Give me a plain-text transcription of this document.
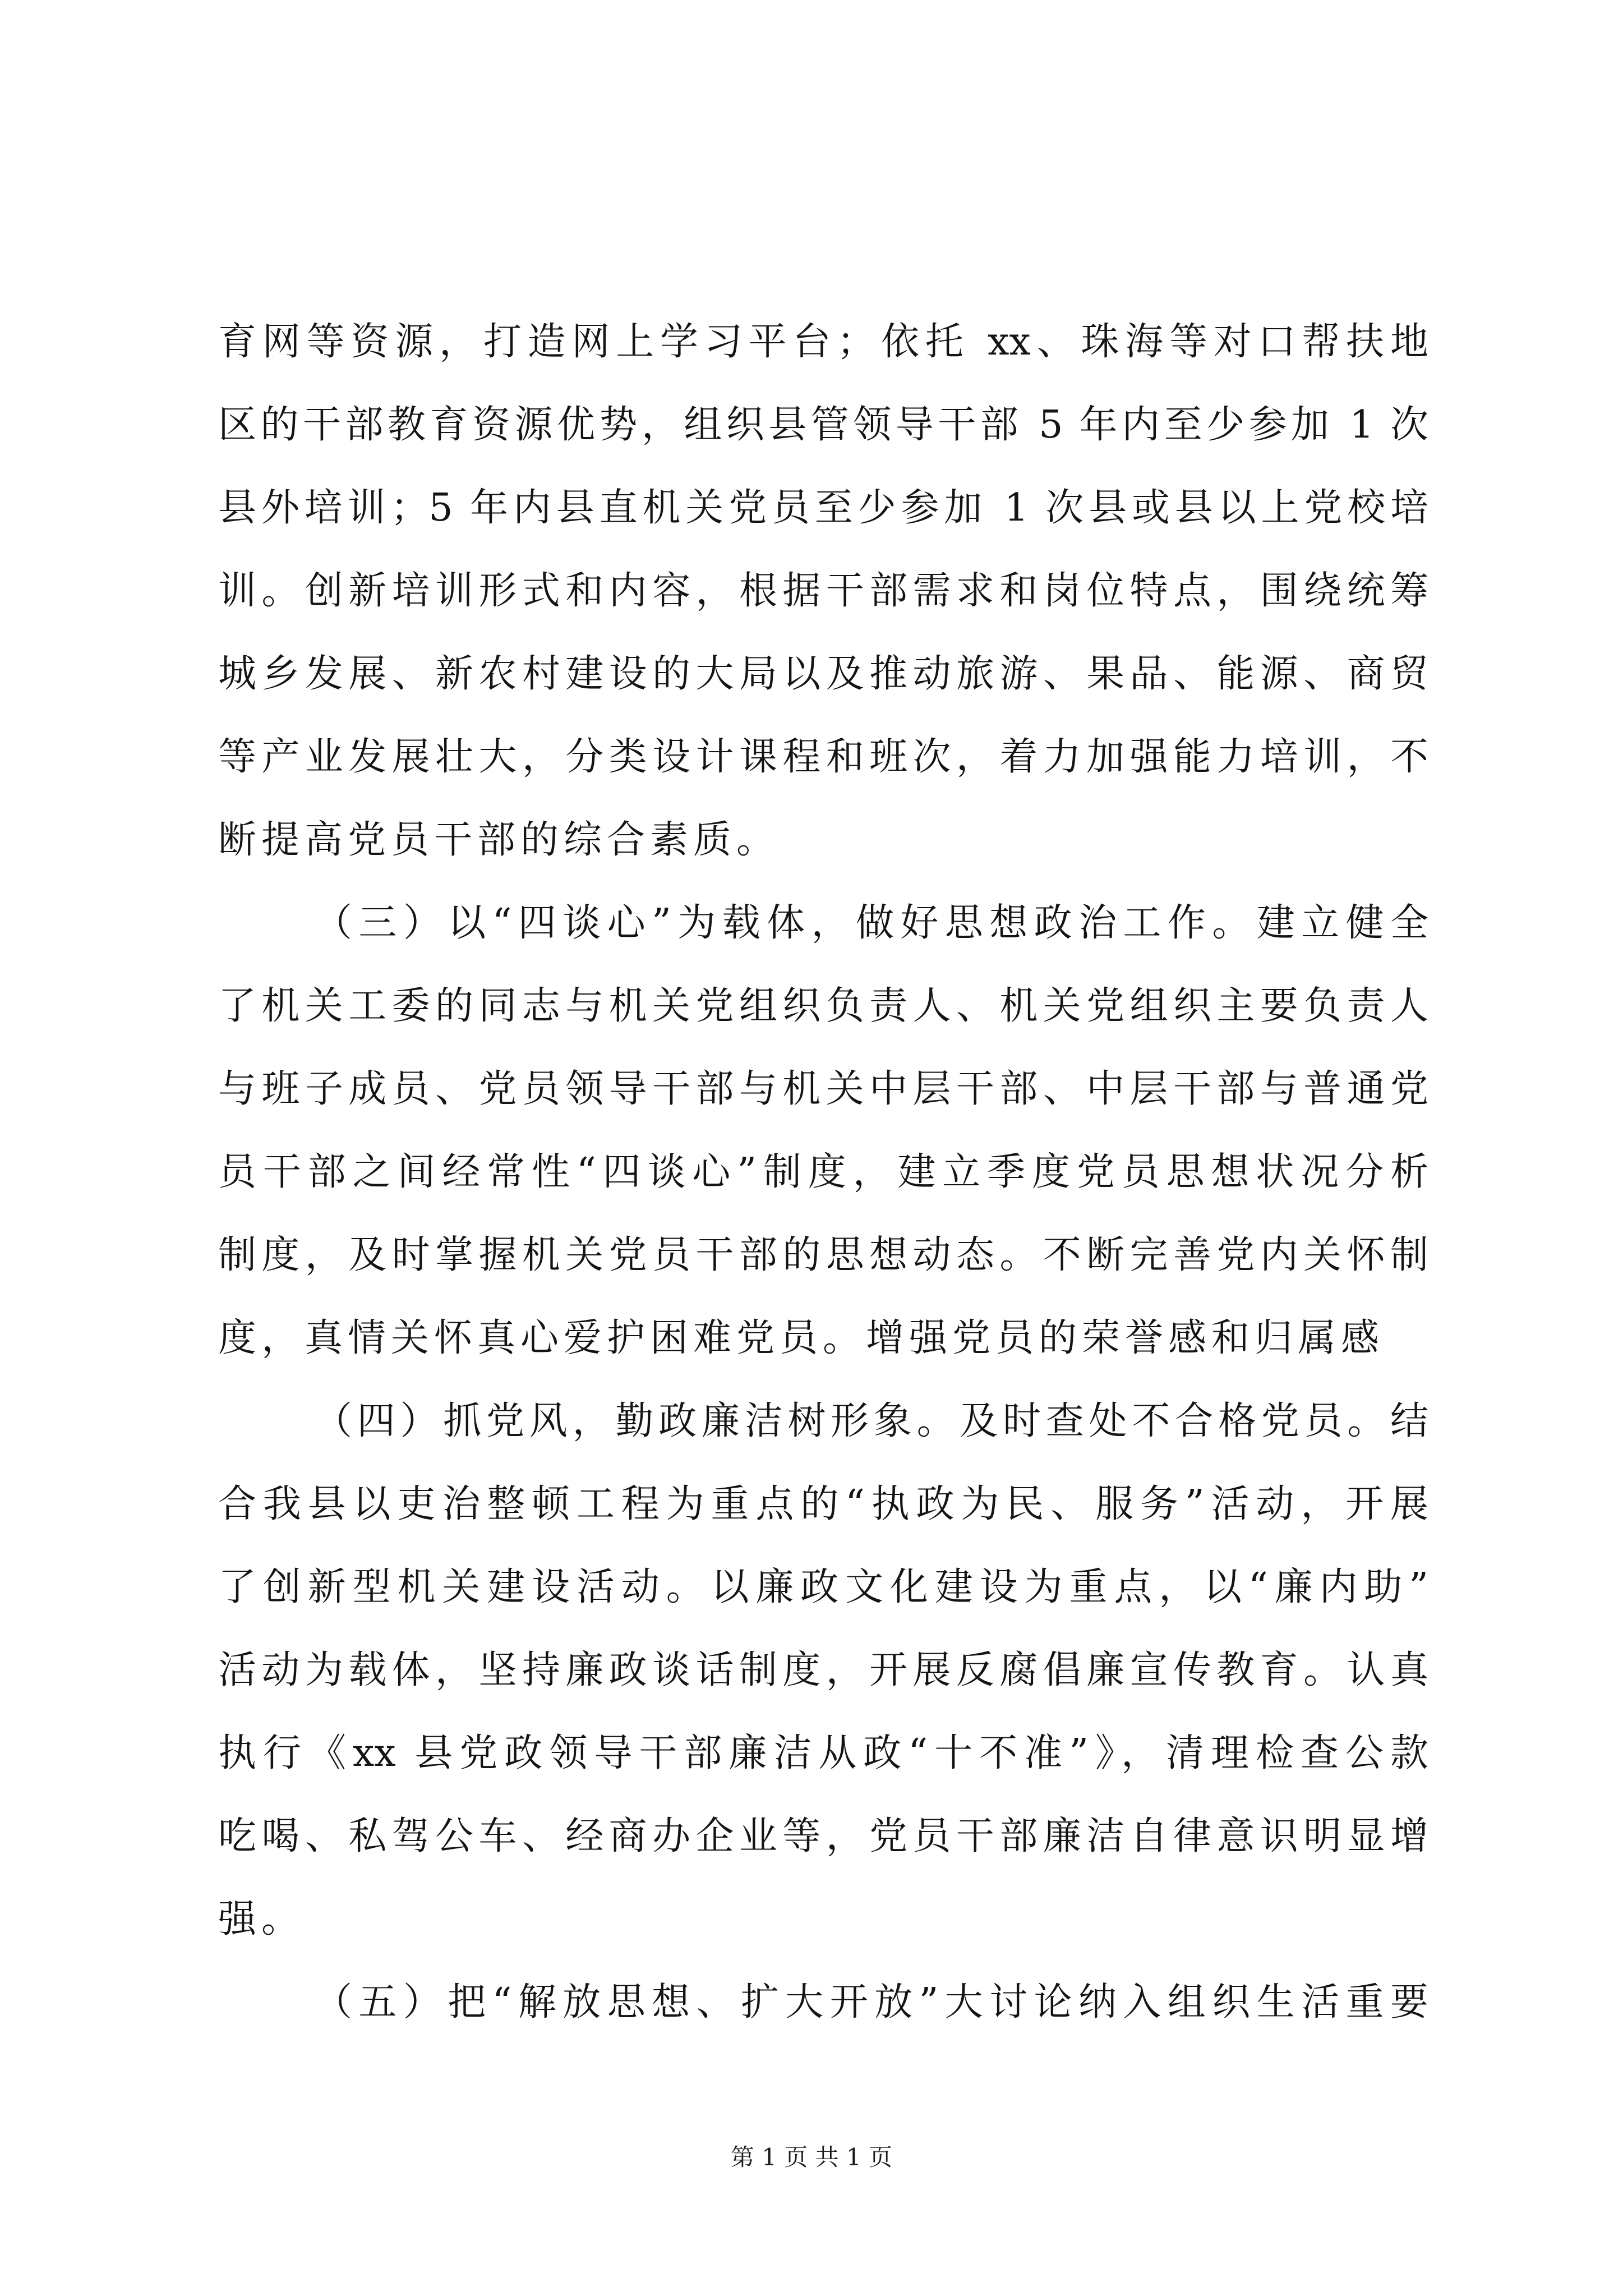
育网等资源，打造网上学习平台；依托 xx、珠海等对口帮扶地
区的干部教育资源优势，组织县管领导干部 5 年内至少参加 1 次
县外培训；5 年内县直机关党员至少参加 1 次县或县以上党校培
训。创新培训形式和内容，根据干部需求和岗位特点，围绕统筹
城乡发展、新农村建设的大局以及推动旅游、果品、能源、商贸
等产业发展壮大，分类设计课程和班次，着力加强能力培训，不
断提高党员干部的综合素质。
（三）以“四谈心”为载体，做好思想政治工作。建立健全
了机关工委的同志与机关党组织负责人、机关党组织主要负责人
与班子成员、党员领导干部与机关中层干部、中层干部与普通党
员干部之间经常性“四谈心”制度，建立季度党员思想状况分析
制度，及时掌握机关党员干部的思想动态。不断完善党内关怀制
度，真情关怀真心爱护困难党员。增强党员的荣誉感和归属感
（四）抓党风，勤政廉洁树形象。及时查处不合格党员。结
合我县以吏治整顿工程为重点的“执政为民、服务”活动，开展
了创新型机关建设活动。以廉政文化建设为重点，以“廉内助”
活动为载体，坚持廉政谈话制度，开展反腐倡廉宣传教育。认真
执行《xx 县党政领导干部廉洁从政“十不准”》，清理检查公款
吃喝、私驾公车、经商办企业等，党员干部廉洁自律意识明显增
强。
（五）把“解放思想、扩大开放”大讨论纳入组织生活重要
第 1 页 共 1 页
